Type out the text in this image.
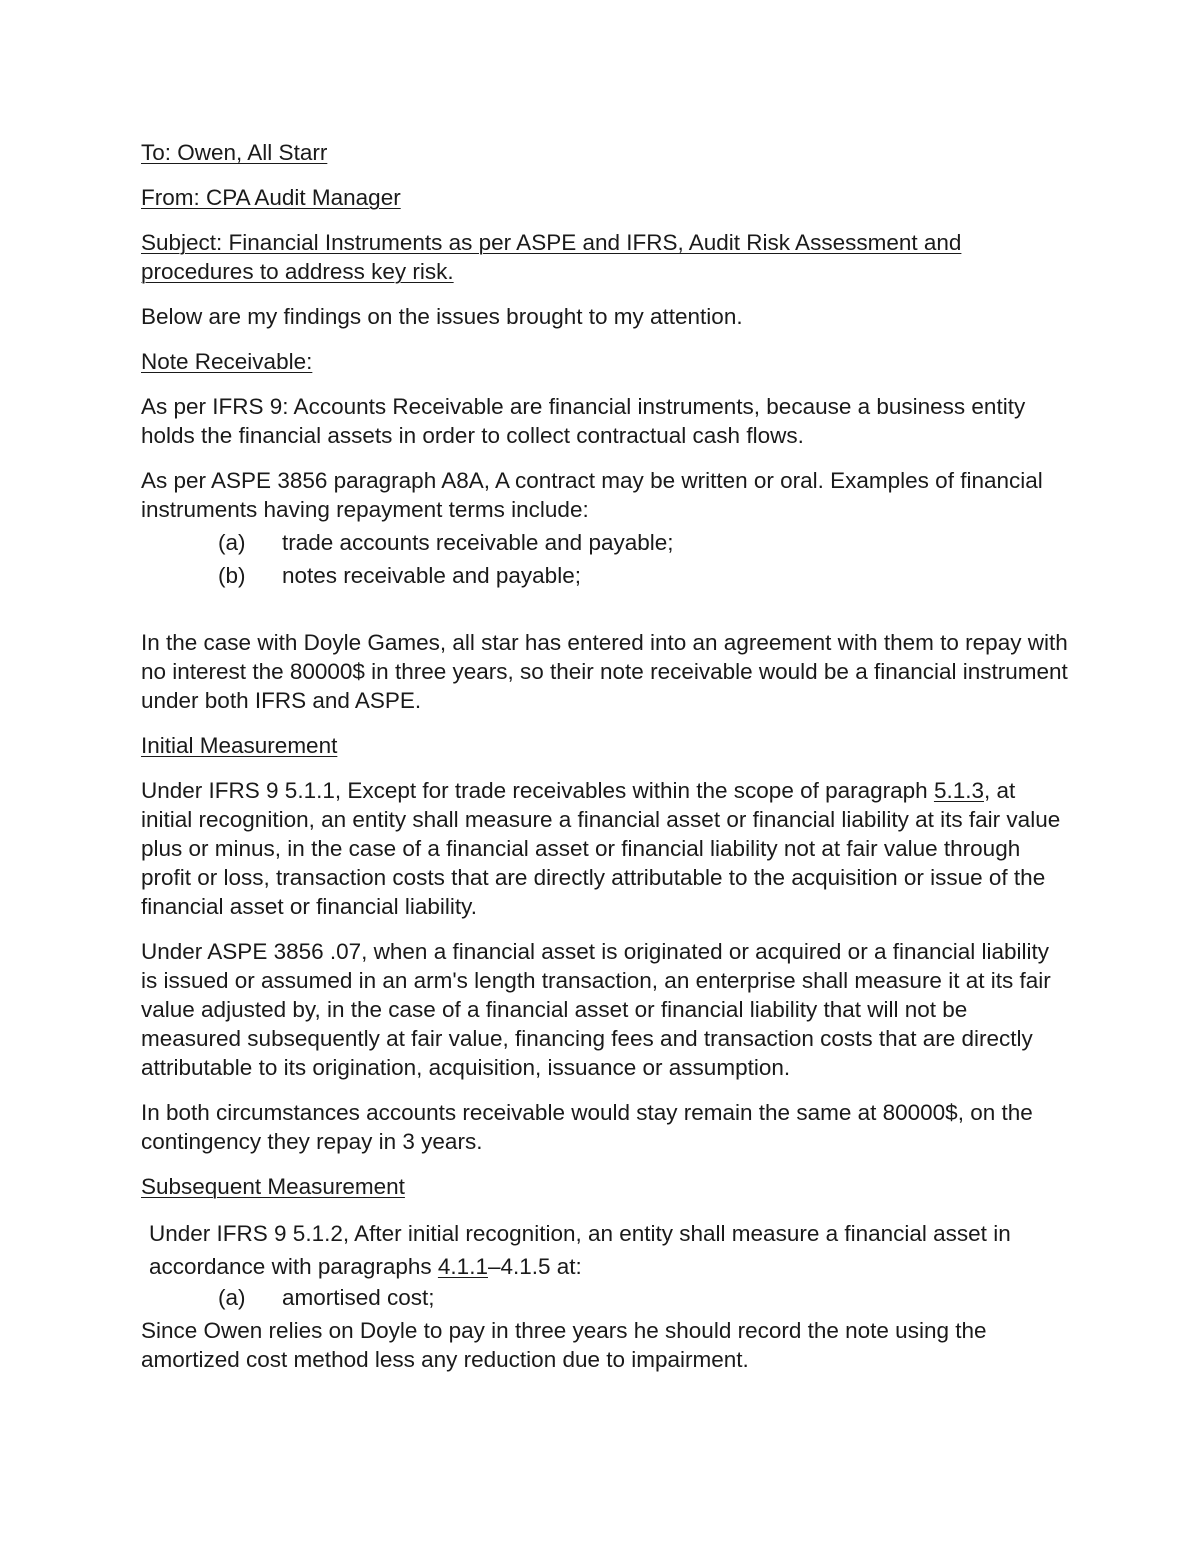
To: Owen, All Starr

From: CPA Audit Manager

Subject: Financial Instruments as per ASPE and IFRS, Audit Risk Assessment and procedures to address key risk.

Below are my findings on the issues brought to my attention.

Note Receivable:

As per IFRS 9: Accounts Receivable are financial instruments, because a business entity holds the financial assets in order to collect contractual cash flows.

As per ASPE 3856 paragraph A8A, A contract may be written or oral. Examples of financial instruments having repayment terms include:

(a) trade accounts receivable and payable;
(b) notes receivable and payable;

In the case with Doyle Games, all star has entered into an agreement with them to repay with no interest the 80000$ in three years, so their note receivable would be a financial instrument under both IFRS and ASPE.

Initial Measurement

Under IFRS 9 5.1.1, Except for trade receivables within the scope of paragraph 5.1.3, at initial recognition, an entity shall measure a financial asset or financial liability at its fair value plus or minus, in the case of a financial asset or financial liability not at fair value through profit or loss, transaction costs that are directly attributable to the acquisition or issue of the financial asset or financial liability.

Under ASPE 3856 .07, when a financial asset is originated or acquired or a financial liability is issued or assumed in an arm's length transaction, an enterprise shall measure it at its fair value adjusted by, in the case of a financial asset or financial liability that will not be measured subsequently at fair value, financing fees and transaction costs that are directly attributable to its origination, acquisition, issuance or assumption.

In both circumstances accounts receivable would stay remain the same at 80000$, on the contingency they repay in 3 years.

Subsequent Measurement

Under IFRS 9 5.1.2, After initial recognition, an entity shall measure a financial asset in accordance with paragraphs 4.1.1–4.1.5 at:

(a) amortised cost;

Since Owen relies on Doyle to pay in three years he should record the note using the amortized cost method less any reduction due to impairment.
